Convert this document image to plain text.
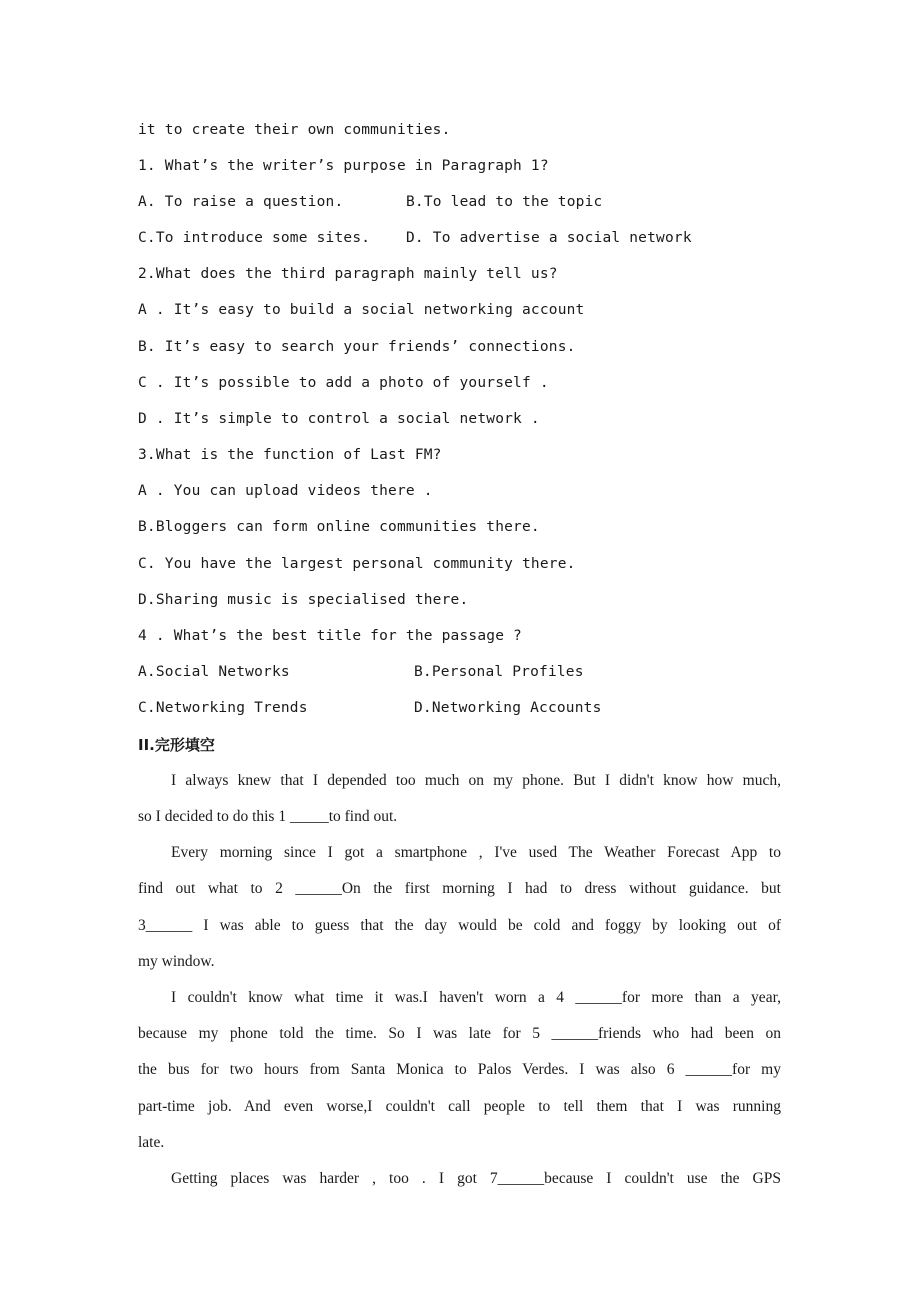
it to create their own communities.
1. What’s the writer’s purpose in Paragraph 1?
A. To raise a question.	B.To lead to the topic
C.To introduce some sites. D. To advertise a social network
2.What does the third paragraph mainly tell us?
A . It’s easy to build a social networking account
B. It’s easy to search your friends’ connections.
C . It’s possible to add a photo of yourself .
D . It’s simple to control a social network .
3.What is the function of Last FM?
A . You can upload videos there .
B.Bloggers can form online communities there.
C. You have the largest personal community there.
D.Sharing music is specialised there.
4 . What’s the best title for the passage ?
A.Social Networks	B.Personal Profiles
C.Networking Trends	D.Networking Accounts
II.完形填空
I always knew that I depended too much on my phone. But I didn't know how much,
so I decided to do this 1 _____to find out.
Every morning since I got a smartphone , I've used The Weather Forecast App to
find out what to 2 ______On the first morning I had to dress without guidance. but
3______ I was able to guess that the day would be cold and foggy by looking out of
my window.
I couldn't know what time it was.I haven't worn a 4 ______for more than a year,
because my phone told the time. So I was late for 5 ______friends who had been on
the bus for two hours from Santa Monica to Palos Verdes. I was also 6 ______for my
part-time job. And even worse,I couldn't call people to tell them that I was running
late.
Getting places was harder , too . I got 7______because I couldn't use the GPS
